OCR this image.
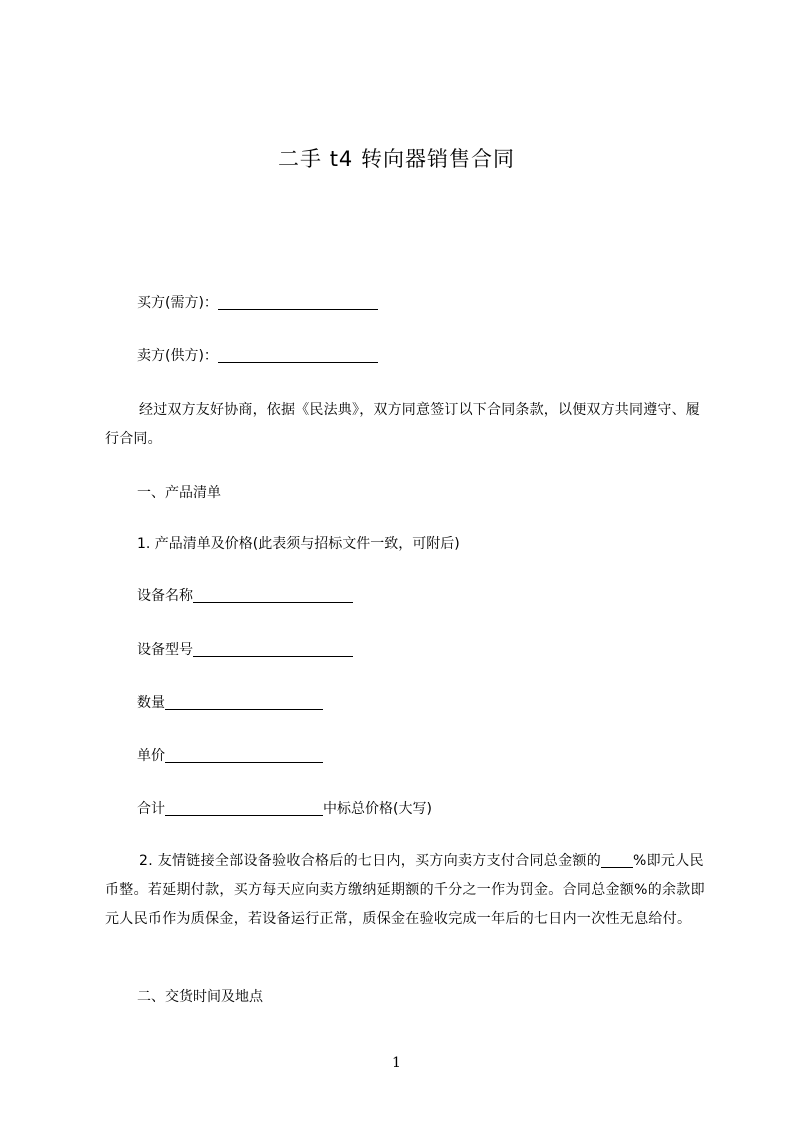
二手 t4 转向器销售合同
买方(需方)：
卖方(供方)：
经过双方友好协商，依据《民法典》，双方同意签订以下合同条款，以便双方共同遵守、履行合同。
一、产品清单
1. 产品清单及价格(此表须与招标文件一致，可附后)
设备名称
设备型号
数量
单价
合计	中标总价格(大写)
2. 友情链接全部设备验收合格后的七日内，买方向卖方支付合同总金额的 %即元人民币整。若延期付款，买方每天应向卖方缴纳延期额的千分之一作为罚金。合同总金额%的余款即元人民币作为质保金，若设备运行正常，质保金在验收完成一年后的七日内一次性无息给付。
二、交货时间及地点
1
